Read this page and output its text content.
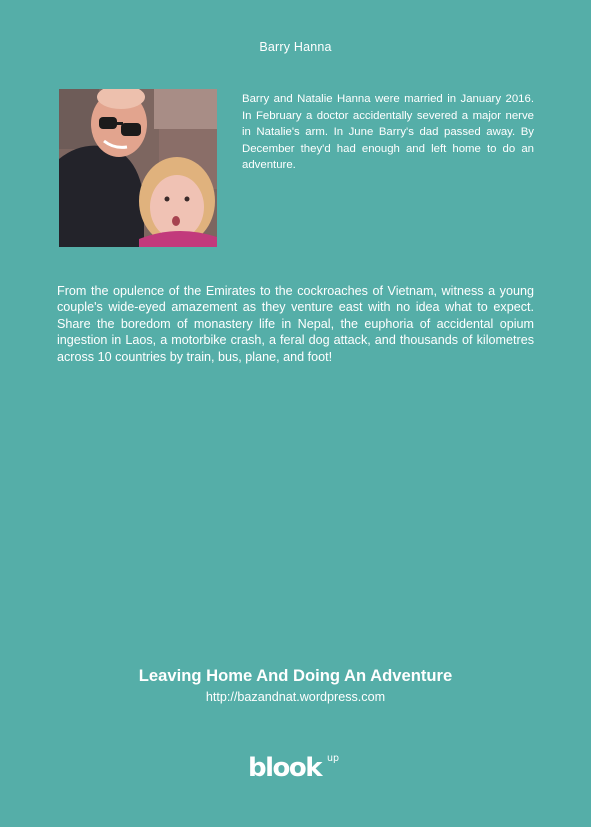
Barry Hanna
Barry and Natalie Hanna were married in January 2016. In February a doctor accidentally severed a major nerve in Natalie's arm. In June Barry's dad passed away. By December they'd had enough and left home to do an adventure.
From the opulence of the Emirates to the cockroaches of Vietnam, witness a young couple's wide-eyed amazement as they venture east with no idea what to expect. Share the boredom of monastery life in Nepal, the euphoria of accidental opium ingestion in Laos, a motorbike crash, a feral dog attack, and thousands of kilometres across 10 countries by train, bus, plane, and foot!
Leaving Home And Doing An Adventure
http://bazandnat.wordpress.com
blook up
